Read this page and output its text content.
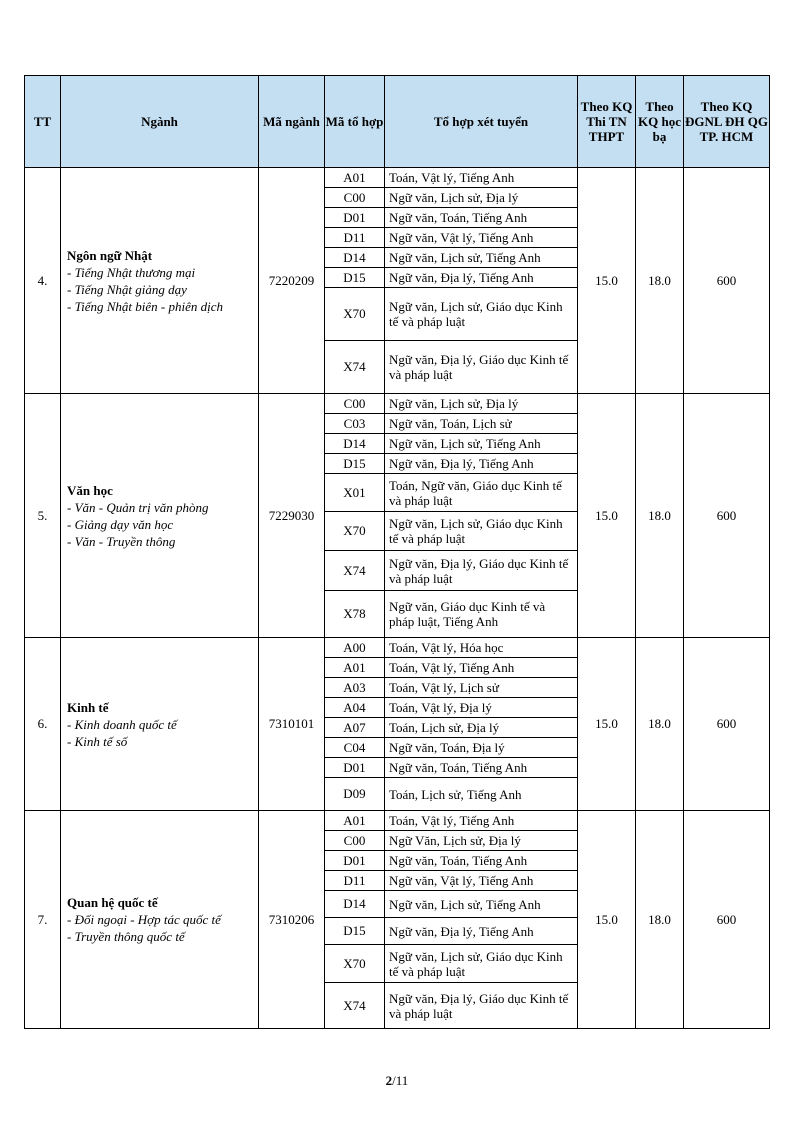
TT	Ngành	Mã ngành	Mã tổ hợp	Tổ hợp xét tuyển	Theo KQ Thi TN THPT	Theo KQ học bạ	Theo KQ ĐGNL ĐH QG TP. HCM
4.	Ngôn ngữ Nhật
- Tiếng Nhật thương mại
- Tiếng Nhật giảng dạy
- Tiếng Nhật biên - phiên dịch	7220209	A01	Toán, Vật lý, Tiếng Anh	15.0	18.0	600
			C00	Ngữ văn, Lịch sử, Địa lý			
			D01	Ngữ văn, Toán, Tiếng Anh			
			D11	Ngữ văn, Vật lý, Tiếng Anh			
			D14	Ngữ văn, Lịch sử, Tiếng Anh			
			D15	Ngữ văn, Địa lý, Tiếng Anh			
			X70	Ngữ văn, Lịch sử, Giáo dục Kinh tế và pháp luật			
			X74	Ngữ văn, Địa lý, Giáo dục Kinh tế và pháp luật			
5.	Văn học
- Văn - Quản trị văn phòng
- Giảng dạy văn học
- Văn - Truyền thông	7229030	C00	Ngữ văn, Lịch sử, Địa lý	15.0	18.0	600
			C03	Ngữ văn, Toán, Lịch sử			
			D14	Ngữ văn, Lịch sử, Tiếng Anh			
			D15	Ngữ văn, Địa lý, Tiếng Anh			
			X01	Toán, Ngữ văn, Giáo dục Kinh tế và pháp luật			
			X70	Ngữ văn, Lịch sử, Giáo dục Kinh tế và pháp luật			
			X74	Ngữ văn, Địa lý, Giáo dục Kinh tế và pháp luật			
			X78	Ngữ văn, Giáo dục Kinh tế và pháp luật, Tiếng Anh			
6.	Kinh tế
- Kinh doanh quốc tế
- Kinh tế số	7310101	A00	Toán, Vật lý, Hóa học	15.0	18.0	600
			A01	Toán, Vật lý, Tiếng Anh			
			A03	Toán, Vật lý, Lịch sử			
			A04	Toán, Vật lý, Địa lý			
			A07	Toán, Lịch sử, Địa lý			
			C04	Ngữ văn, Toán, Địa lý			
			D01	Ngữ văn, Toán, Tiếng Anh			
			D09	Toán, Lịch sử, Tiếng Anh			
7.	Quan hệ quốc tế
- Đối ngoại - Hợp tác quốc tế
- Truyền thông quốc tế	7310206	A01	Toán, Vật lý, Tiếng Anh	15.0	18.0	600
			C00	Ngữ Văn, Lịch sử, Địa lý			
			D01	Ngữ văn, Toán, Tiếng Anh			
			D11	Ngữ văn, Vật lý, Tiếng Anh			
			D14	Ngữ văn, Lịch sử, Tiếng Anh			
			D15	Ngữ văn, Địa lý, Tiếng Anh			
			X70	Ngữ văn, Lịch sử, Giáo dục Kinh tế và pháp luật			
			X74	Ngữ văn, Địa lý, Giáo dục Kinh tế và pháp luật			
2/11
